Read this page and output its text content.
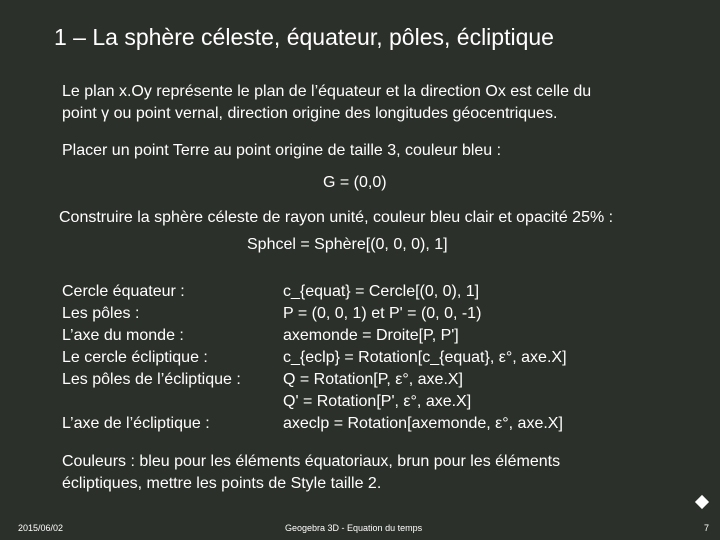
1 – La sphère céleste, équateur, pôles, écliptique
Le plan x.Oy représente le plan de l’équateur et la direction Ox est celle du
point γ ou point vernal, direction origine des longitudes géocentriques.
Placer un point Terre au point origine de taille 3, couleur bleu :
G = (0,0)
Construire la sphère céleste de rayon unité, couleur bleu clair et opacité 25% :
Sphcel = Sphère[(0, 0, 0), 1]
Cercle équateur :
Les pôles :
L’axe du monde :
Le cercle écliptique :
Les pôles de l’écliptique :
L’axe de l’écliptique :
c_{equat} = Cercle[(0, 0), 1]
P = (0, 0, 1) et P' = (0, 0, -1)
axemonde = Droite[P, P']
c_{eclp} = Rotation[c_{equat}, ε°, axe.X]
Q = Rotation[P, ε°, axe.X]
Q' = Rotation[P', ε°, axe.X]
axeclp = Rotation[axemonde, ε°, axe.X]
Couleurs : bleu pour les éléments équatoriaux, brun pour les éléments
écliptiques, mettre les points de Style taille 2.
2015/06/02	Geogebra 3D - Equation du temps	7
